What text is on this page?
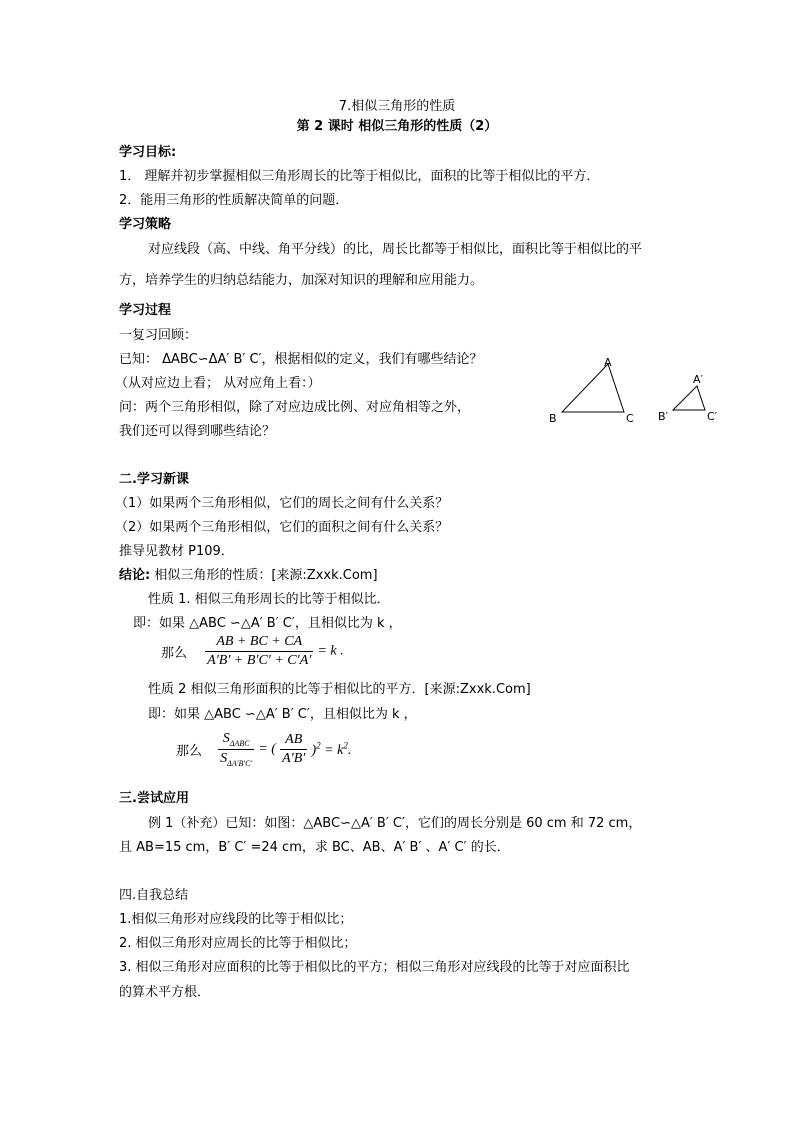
7.相似三角形的性质
第 2 课时 相似三角形的性质（2）
学习目标:
1． 理解并初步掌握相似三角形周长的比等于相似比，面积的比等于相似比的平方．
2．能用三角形的性质解决简单的问题．
学习策略
对应线段（高、中线、角平分线）的比，周长比都等于相似比，面积比等于相似比的平
方，培养学生的归纳总结能力，加深对知识的理解和应用能力。
学习过程
一复习回顾：
已知： ΔABC∽ΔA′ B′ C′，根据相似的定义，我们有哪些结论？
（从对应边上看； 从对应角上看：）
问：两个三角形相似，除了对应边成比例、对应角相等之外，
我们还可以得到哪些结论？
A
B	C
A′
B′	C′
二.学习新课
（1）如果两个三角形相似，它们的周长之间有什么关系？
（2）如果两个三角形相似，它们的面积之间有什么关系？
推导见教材 P109．
结论: 相似三角形的性质：[来源:Zxxk.Com]
性质 1. 相似三角形周长的比等于相似比．
即：如果 △ABC ∽△A′ B′ C′，且相似比为 k ，
那么 $\frac{AB + BC + CA}{A'B' + B'C' + C'A'} = k$ .
性质 2 相似三角形面积的比等于相似比的平方．[来源:Zxxk.Com]
即：如果 △ABC ∽△A′ B′ C′，且相似比为 k ，
那么 $\frac{S_{\Delta ABC}}{S_{\Delta A'B'C'}}$ = ( $\frac{AB}{A'B'} )^2 = k^2$.
三.尝试应用
例 1（补充）已知：如图：△ABC∽△A′ B′ C′，它们的周长分别是 60 cm 和 72 cm，
且 AB=15 cm，B′ C′ =24 cm，求 BC、AB、A′ B′ 、A′ C′ 的长．
四.自我总结
1.相似三角形对应线段的比等于相似比；
2. 相似三角形对应周长的比等于相似比；
3. 相似三角形对应面积的比等于相似比的平方；相似三角形对应线段的比等于对应面积比
的算术平方根．
